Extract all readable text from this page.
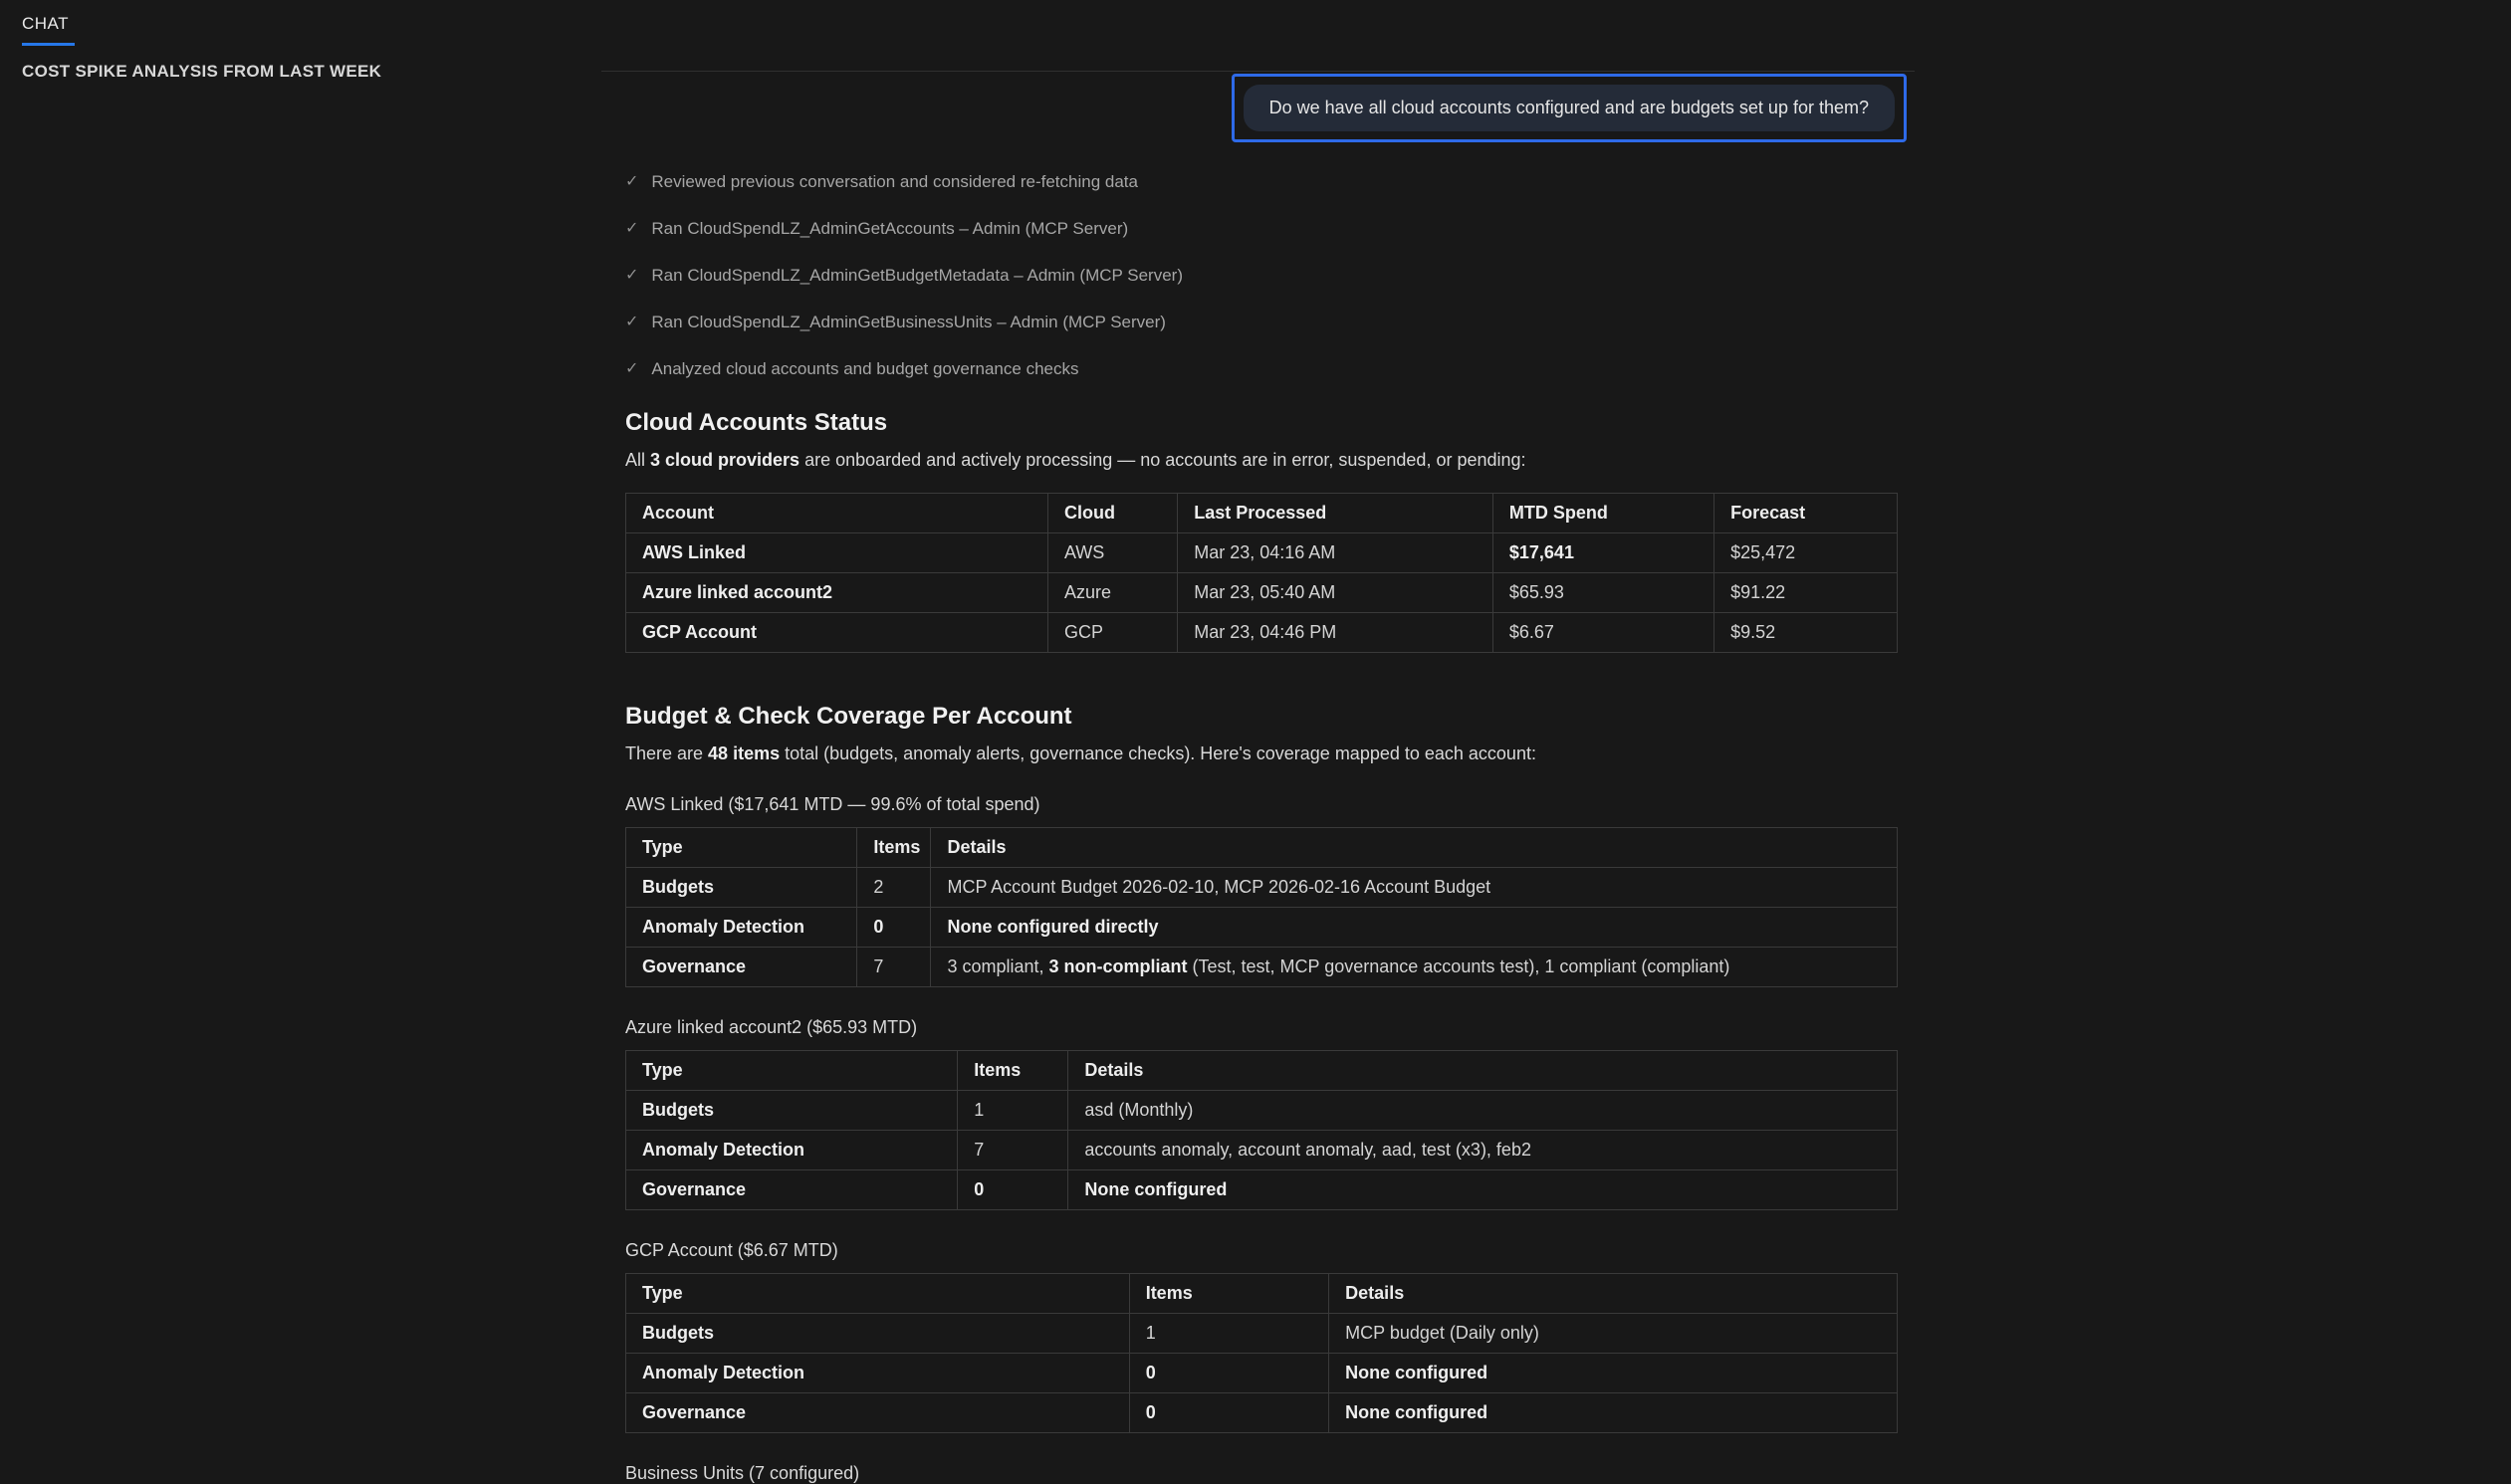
CHAT
COST SPIKE ANALYSIS FROM LAST WEEK
Do we have all cloud accounts configured and are budgets set up for them?
✓ Reviewed previous conversation and considered re-fetching data
✓ Ran CloudSpendLZ_AdminGetAccounts – Admin (MCP Server)
✓ Ran CloudSpendLZ_AdminGetBudgetMetadata – Admin (MCP Server)
✓ Ran CloudSpendLZ_AdminGetBusinessUnits – Admin (MCP Server)
✓ Analyzed cloud accounts and budget governance checks
Cloud Accounts Status

All 3 cloud providers are onboarded and actively processing — no accounts are in error, suspended, or pending:

Account	Cloud	Last Processed	MTD Spend	Forecast
AWS Linked	AWS	Mar 23, 04:16 AM	$17,641	$25,472
Azure linked account2	Azure	Mar 23, 05:40 AM	$65.93	$91.22
GCP Account	GCP	Mar 23, 04:46 PM	$6.67	$9.52
Budget & Check Coverage Per Account

There are 48 items total (budgets, anomaly alerts, governance checks). Here's coverage mapped to each account:

AWS Linked ($17,641 MTD — 99.6% of total spend)

Type	Items	Details
Budgets	2	MCP Account Budget 2026-02-10, MCP 2026-02-16 Account Budget
Anomaly Detection	0	None configured directly
Governance	7	3 compliant, 3 non-compliant (Test, test, MCP governance accounts test), 1 compliant (compliant)

Azure linked account2 ($65.93 MTD)

Type	Items	Details
Budgets	1	asd (Monthly)
Anomaly Detection	7	accounts anomaly, account anomaly, aad, test (x3), feb2
Governance	0	None configured

GCP Account ($6.67 MTD)

Type	Items	Details
Budgets	1	MCP budget (Daily only)
Anomaly Detection	0	None configured
Governance	0	None configured

Business Units (7 configured)
